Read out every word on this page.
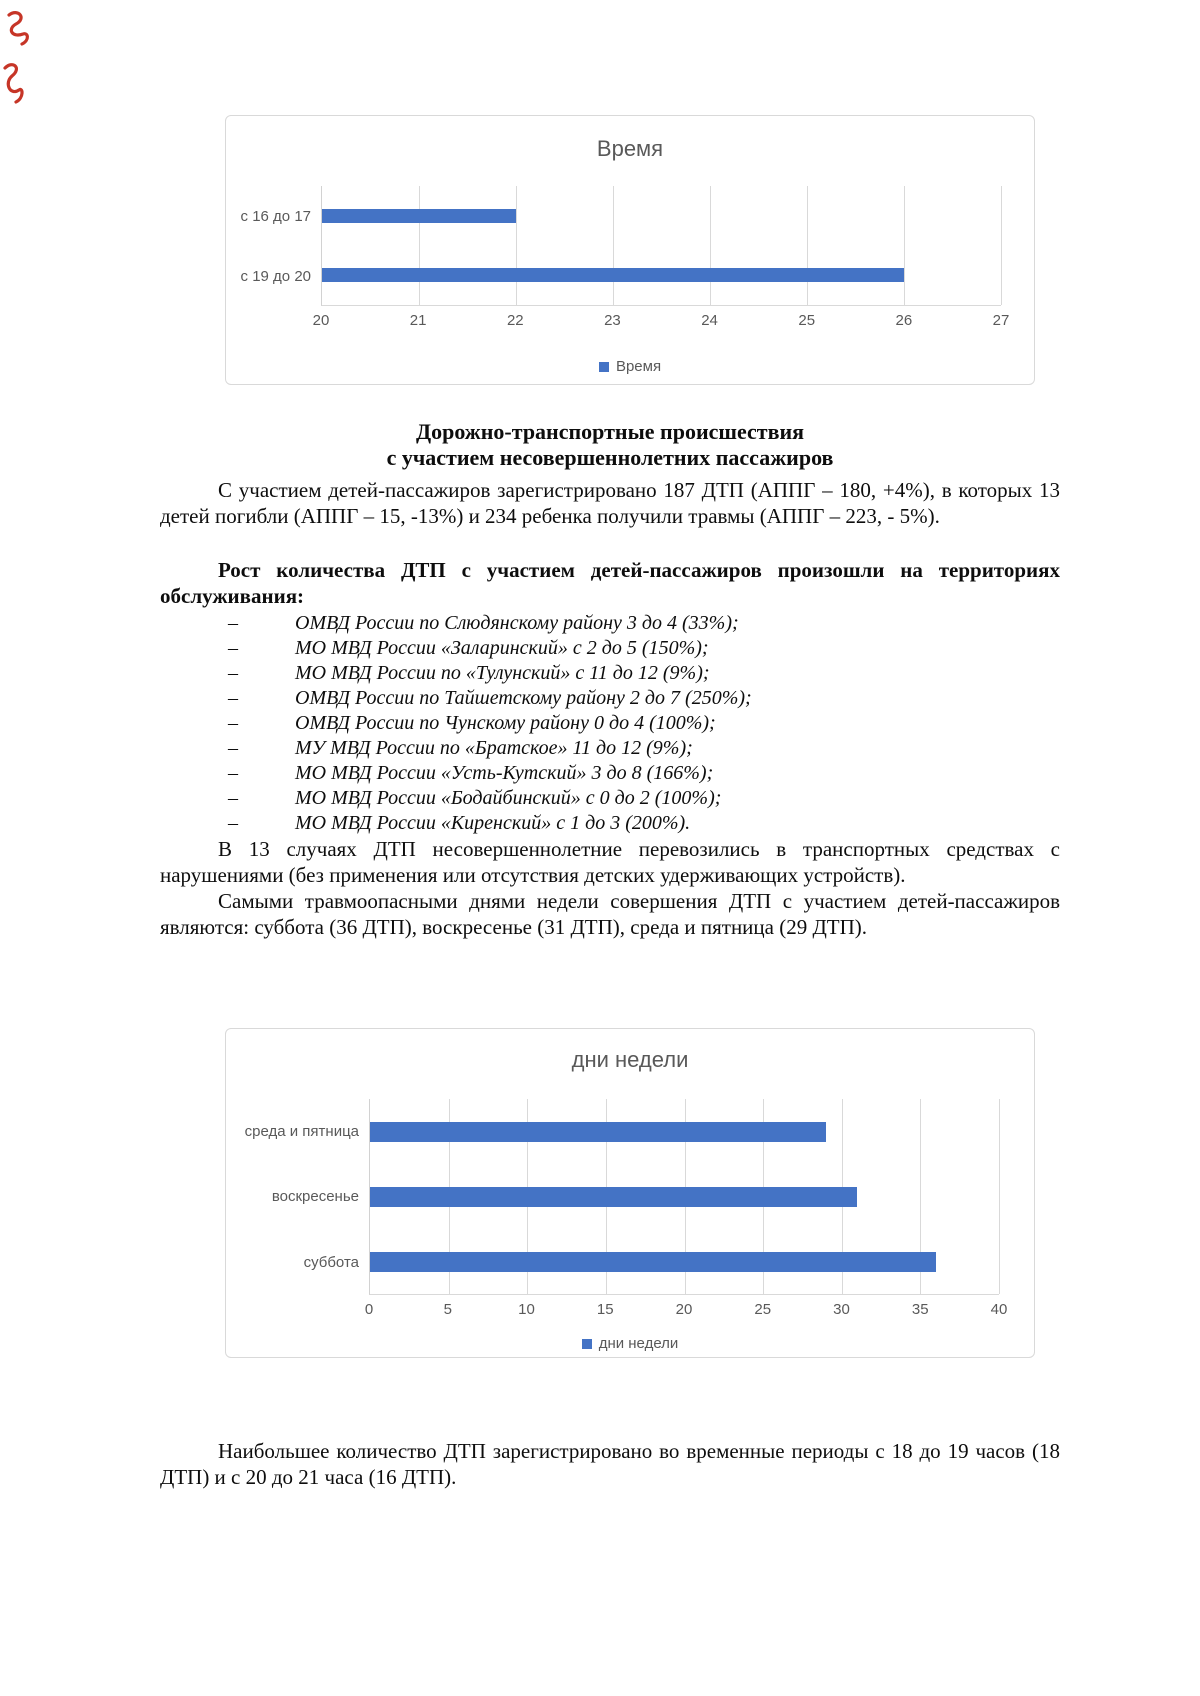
Время
с 16 до 17
с 19 до 20
20	21	22	23	24	25	26	27
Время
Дорожно-транспортные происшествия
с участием несовершеннолетних пассажиров

С участием детей-пассажиров зарегистрировано 187 ДТП (АППГ – 180, +4%), в которых 13 детей погибли (АППГ – 15, -13%) и 234 ребенка получили травмы (АППГ – 223, - 5%).

Рост количества ДТП с участием детей-пассажиров произошли на территориях обслуживания:

–	ОМВД России по Слюдянскому району 3 до 4 (33%);
–	МО МВД России «Заларинский» с 2 до 5 (150%);
–	МО МВД России по «Тулунский» с 11 до 12 (9%);
–	ОМВД России по Тайшетскому району 2 до 7 (250%);
–	ОМВД России по Чунскому району 0 до 4 (100%);
–	МУ МВД России по «Братское» 11 до 12 (9%);
–	МО МВД России «Усть-Кутский» 3 до 8 (166%);
–	МО МВД России «Бодайбинский» с 0 до 2 (100%);
–	МО МВД России «Киренский» с 1 до 3 (200%).

В 13 случаях ДТП несовершеннолетние перевозились в транспортных средствах с нарушениями (без применения или отсутствия детских удерживающих устройств).

Самыми травмоопасными днями недели совершения ДТП с участием детей-пассажиров являются: суббота (36 ДТП), воскресенье (31 ДТП), среда и пятница (29 ДТП).

дни недели
среда и пятница
воскресенье
суббота
0	5	10	15	20	25	30	35	40
дни недели

Наибольшее количество ДТП зарегистрировано во временные периоды с 18 до 19 часов (18 ДТП) и с 20 до 21 часа (16 ДТП).
